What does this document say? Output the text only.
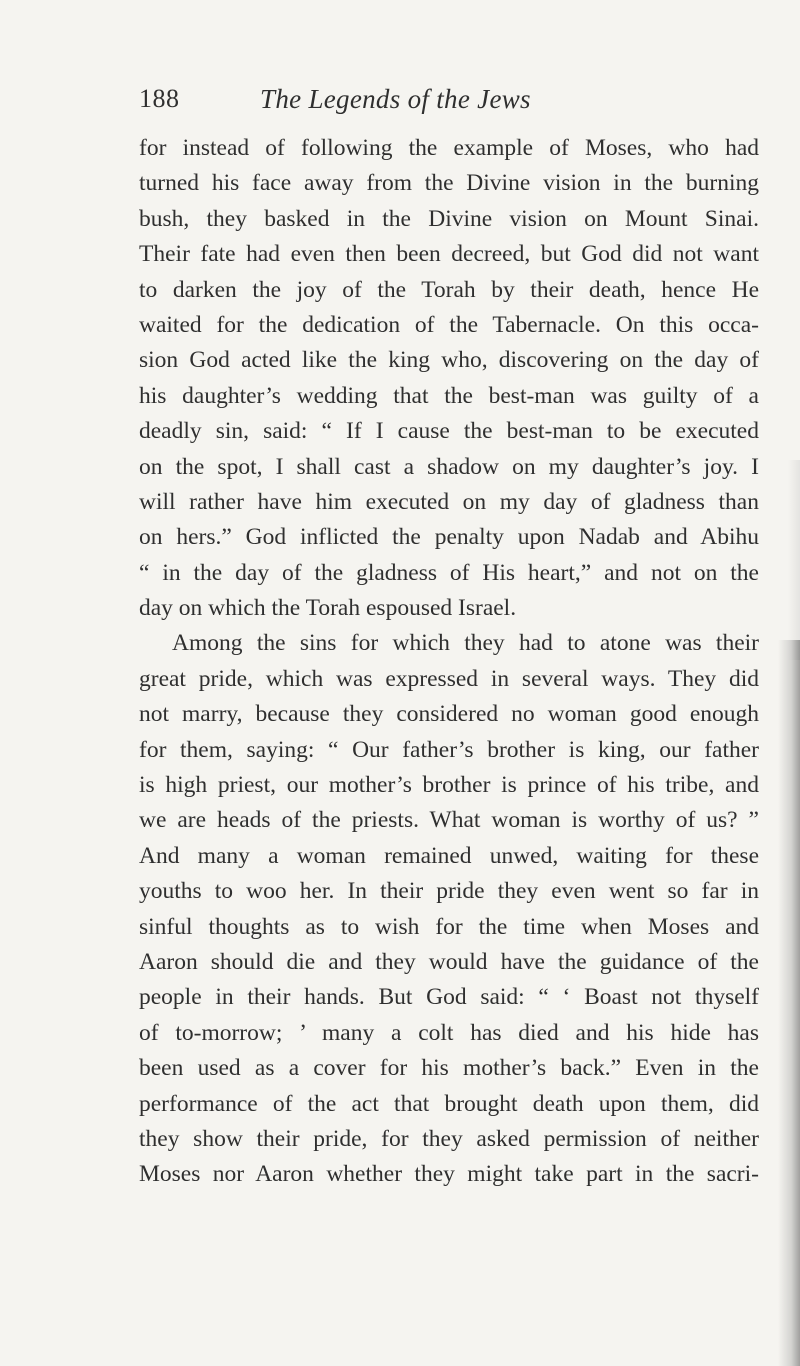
188	The Legends of the Jews
for instead of following the example of Moses, who had
turned his face away from the Divine vision in the burning
bush, they basked in the Divine vision on Mount Sinai.
Their fate had even then been decreed, but God did not want
to darken the joy of the Torah by their death, hence He
waited for the dedication of the Tabernacle. On this occa-
sion God acted like the king who, discovering on the day of
his daughter’s wedding that the best-man was guilty of a
deadly sin, said: “ If I cause the best-man to be executed
on the spot, I shall cast a shadow on my daughter’s joy. I
will rather have him executed on my day of gladness than
on hers.” God inflicted the penalty upon Nadab and Abihu
“ in the day of the gladness of His heart,” and not on the
day on which the Torah espoused Israel.
Among the sins for which they had to atone was their
great pride, which was expressed in several ways. They did
not marry, because they considered no woman good enough
for them, saying: “ Our father’s brother is king, our father
is high priest, our mother’s brother is prince of his tribe, and
we are heads of the priests. What woman is worthy of us? ”
And many a woman remained unwed, waiting for these
youths to woo her. In their pride they even went so far in
sinful thoughts as to wish for the time when Moses and
Aaron should die and they would have the guidance of the
people in their hands. But God said: “ ‘ Boast not thyself
of to-morrow; ’ many a colt has died and his hide has
been used as a cover for his mother’s back.” Even in the
performance of the act that brought death upon them, did
they show their pride, for they asked permission of neither
Moses nor Aaron whether they might take part in the sacri-
